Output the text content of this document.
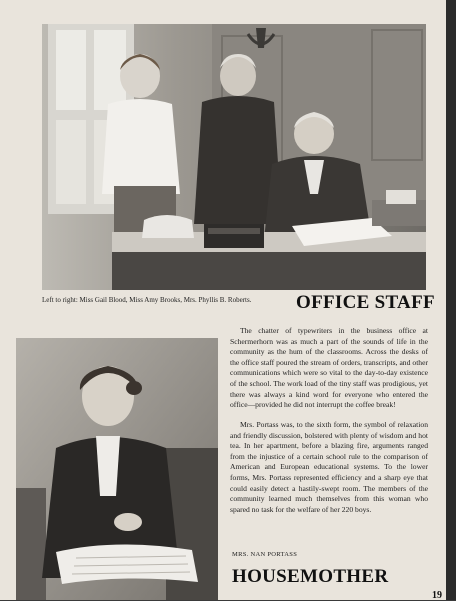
Left to right: Miss Gail Blood, Miss Amy Brooks, Mrs. Phyllis B. Roberts.	OFFICE STAFF

The chatter of typewriters in the business office at Schermerhorn was as much a part of the sounds of life in the community as the hum of the classrooms. Across the desks of the office staff poured the stream of orders, transcripts, and other communications which were so vital to the day-to-day existence of the school. The work load of the tiny staff was prodigious, yet there was always a kind word for everyone who entered the office—provided he did not interrupt the coffee break!

Mrs. Portass was, to the sixth form, the symbol of relaxation and friendly discussion, bolstered with plenty of wisdom and hot tea. In her apartment, before a blazing fire, arguments ranged from the injustice of a certain school rule to the comparison of American and European educational systems. To the lower forms, Mrs. Portass represented efficiency and a sharp eye that could easily detect a hastily-swept room. The members of the community learned much themselves from this woman who spared no task for the welfare of her 220 boys.

MRS. NAN PORTASS
HOUSEMOTHER
19
